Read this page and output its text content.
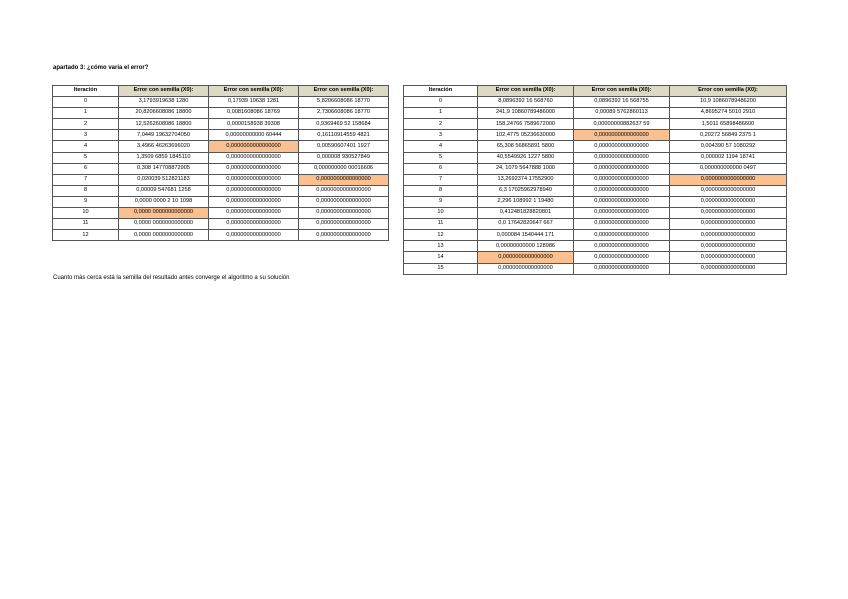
apartado 3: ¿cómo varía el error?
Iteración	Error con semilla (X0):	Error con semilla (X0):	Error con semilla (X0):
0	3,1793919638 1280	0,17939 19638 1281	5,8206608086 18770
1	20,8206608086 18800	0,0081608086 18769	2,7306608086 18770
2	12,5262608086 18800	0,0000158938 39308	0,9369469 52 158684
3	7,0449 19632704050	0,00000000000 60444	0,16110914559 4821
4	3,4966 46263696020	0,0000000000000000	0,00590607401 1927
5	1,3509 6859 1845110	0,0000000000000000	0,000008 930527849
6	0,308 147708872905	0,0000000000000000	0,000000000 00016606
7	0,020039 512821183	0,0000000000000000	0,0000000000000000
8	0,00009 547681 1258	0,0000000000000000	0,0000000000000000
9	0,0000 0000 2 10 1098	0,0000000000000000	0,0000000000000000
10	0,0000 0000000000000	0,0000000000000000	0,0000000000000000
11	0,0000 0000000000000	0,0000000000000000	0,0000000000000000
12	0,0000 0000000000000	0,0000000000000000	0,0000000000000000
Iteración	Error con semilla (X0):	Error con semilla (X0):	Error con semilla (X0):
0	8,0896392 16 568760	0,0896392 16 568755	10,9 10860789486200
1	241,9 10860789486000	0,00089 5762860113	4,8695274 5010 2910
2	158,24766 7589672000	0,00000000882637 59	1,5011 65898486600
3	102,4775 05236630000	0,0000000000000000	0,20272 56849 2375 1
4	65,308 56865891 5800	0,0000000000000000	0,004390 57 1080292
5	40,5549926 1227 5800	0,0000000000000000	0,000002 1194 18741
6	24, 1079 5647888 1000	0,0000000000000000	0,000000000000 0497
7	13,2692374 17552900	0,0000000000000000	0,0000000000000000
8	6,3 17025962978940	0,0000000000000000	0,0000000000000000
9	2,296 108992 1 19480	0,0000000000000000	0,0000000000000000
10	0,412481828820801	0,0000000000000000	0,0000000000000000
11	0,0 17642820647 667	0,0000000000000000	0,0000000000000000
12	0,000084 1540444 171	0,0000000000000000	0,0000000000000000
13	0,00000000000 128986	0,0000000000000000	0,0000000000000000
14	0,0000000000000000	0,0000000000000000	0,0000000000000000
15	0,0000000000000000	0,0000000000000000	0,0000000000000000
Cuanto más cerca está la semilla del resultado antes converge el algoritmo a su solución
